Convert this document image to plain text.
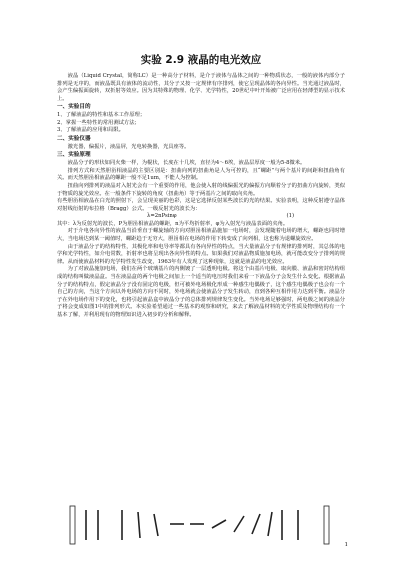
实验 2.9 液晶的电光效应

液晶（Liquid Crystal，简称LC）是一种高分子材料，是介于液体与晶体之间的一种物质状态，一般的液体内部分子排列是无序的，而液晶既具有液体的流动性，其分子又按一定规律有序排列，使它呈现晶体的各向异性。当光通过液晶时，会产生偏振面旋转，双折射等效应。因为其特殊的物理、化学、光学特性，20世纪中叶开始被广泛应用在轻薄型的显示技术上。

一、实验目的

1、了解液晶的特性和基本工作原理；

2、掌握一些特性的常用测试方法；

3、了解液晶的应用和局限。

二、实验仪器

激光器，偏振片，液晶屏，光电转换器，光具座等。

三、实验原理

液晶分子的形状如同火柴一样，为棍状，长度在十几埃，直径为4～6埃，液晶层厚度一般为5-8微米。

排列方式和天然胆甾相液晶的主要区别是：扭曲向列的扭曲角是人为可控的，且“螺距”与两个基片的间距和扭曲角有关。而天然胆甾相液晶的螺距一般不足1um，不能人为控制。

扭曲向列排列的液晶对入射光会有一个重要的作用，他会使入射的线偏振光的偏振方向顺着分子的扭曲方向旋转，类似于物质的旋光效应。在一般条件下旋转的角度（扭曲角）等于两基片之间的取向夹角。

有些胆甾相液晶在白光的照射下，会呈现美丽的色彩，这是它选择反射某些波长的光的结果。实验表明，这种反射遵守晶体对射线衍射的布拉格（Bragg）公式。一级反射光的波长为：

λ=2nPsinφ	(1)

其中：λ为反射光的波长，P为胆甾相液晶的螺距，n为平均折射率，φ为入射光与液晶表面的夹角。

对于介电各向异性的液晶当沿垂直于螺旋轴的方向对胆甾相液晶施加一电场时，会发现随着电场的增大，螺距也同时增大，当电场达到某一阈值时，螺距趋于无穷大，胆甾相在电场的作用下转变成了向列相，这也称为退螺旋效应。

由于液晶分子的结构特性，其极化率和电导率等都具有各向异性的特点，当大量液晶分子有规律的排列时，其总体的电学和光学特性，如介电常数，折射率也将呈现出各向异性的特点。如果我们对液晶物质施加电场，就可能改变分子排列的规律。从而使液晶材料的光学特性发生改变，1963年有人发现了这种现象，这就是液晶的电光效应。

为了对液晶施加电场，我们在两个玻璃基片的内侧镀了一层透明电极。将这个由基片电极、取向膜、液晶和密封结构组成的结构叫做液晶盒。当在液晶盒的两个电极之间加上一个适当的电压时我们来看一下液晶分子会发生什么变化。根据液晶分子的结构特点，假定液晶分子没有固定的电极，但可被外电场极化形成一种感生电偶极子，这个感生电偶极子也会有一个自己的方向，当这个方向以外电场的方向不同时，外电场就会使液晶分子发生转动，直到各种互相作用力达到平衡。液晶分子在外电场作用下的变化，也将引起液晶盒中液晶分子的总体排列规律发生变化。当外电场足够强时，两电极之间的液晶分子将会变成如图1中的排列形式。本实验希望通过一些基本的观察和研究，来去了解液晶材料的光学性质及物理结构有一个基本了解，并利用现有的物理知识进入初步的分析和解释。

1
